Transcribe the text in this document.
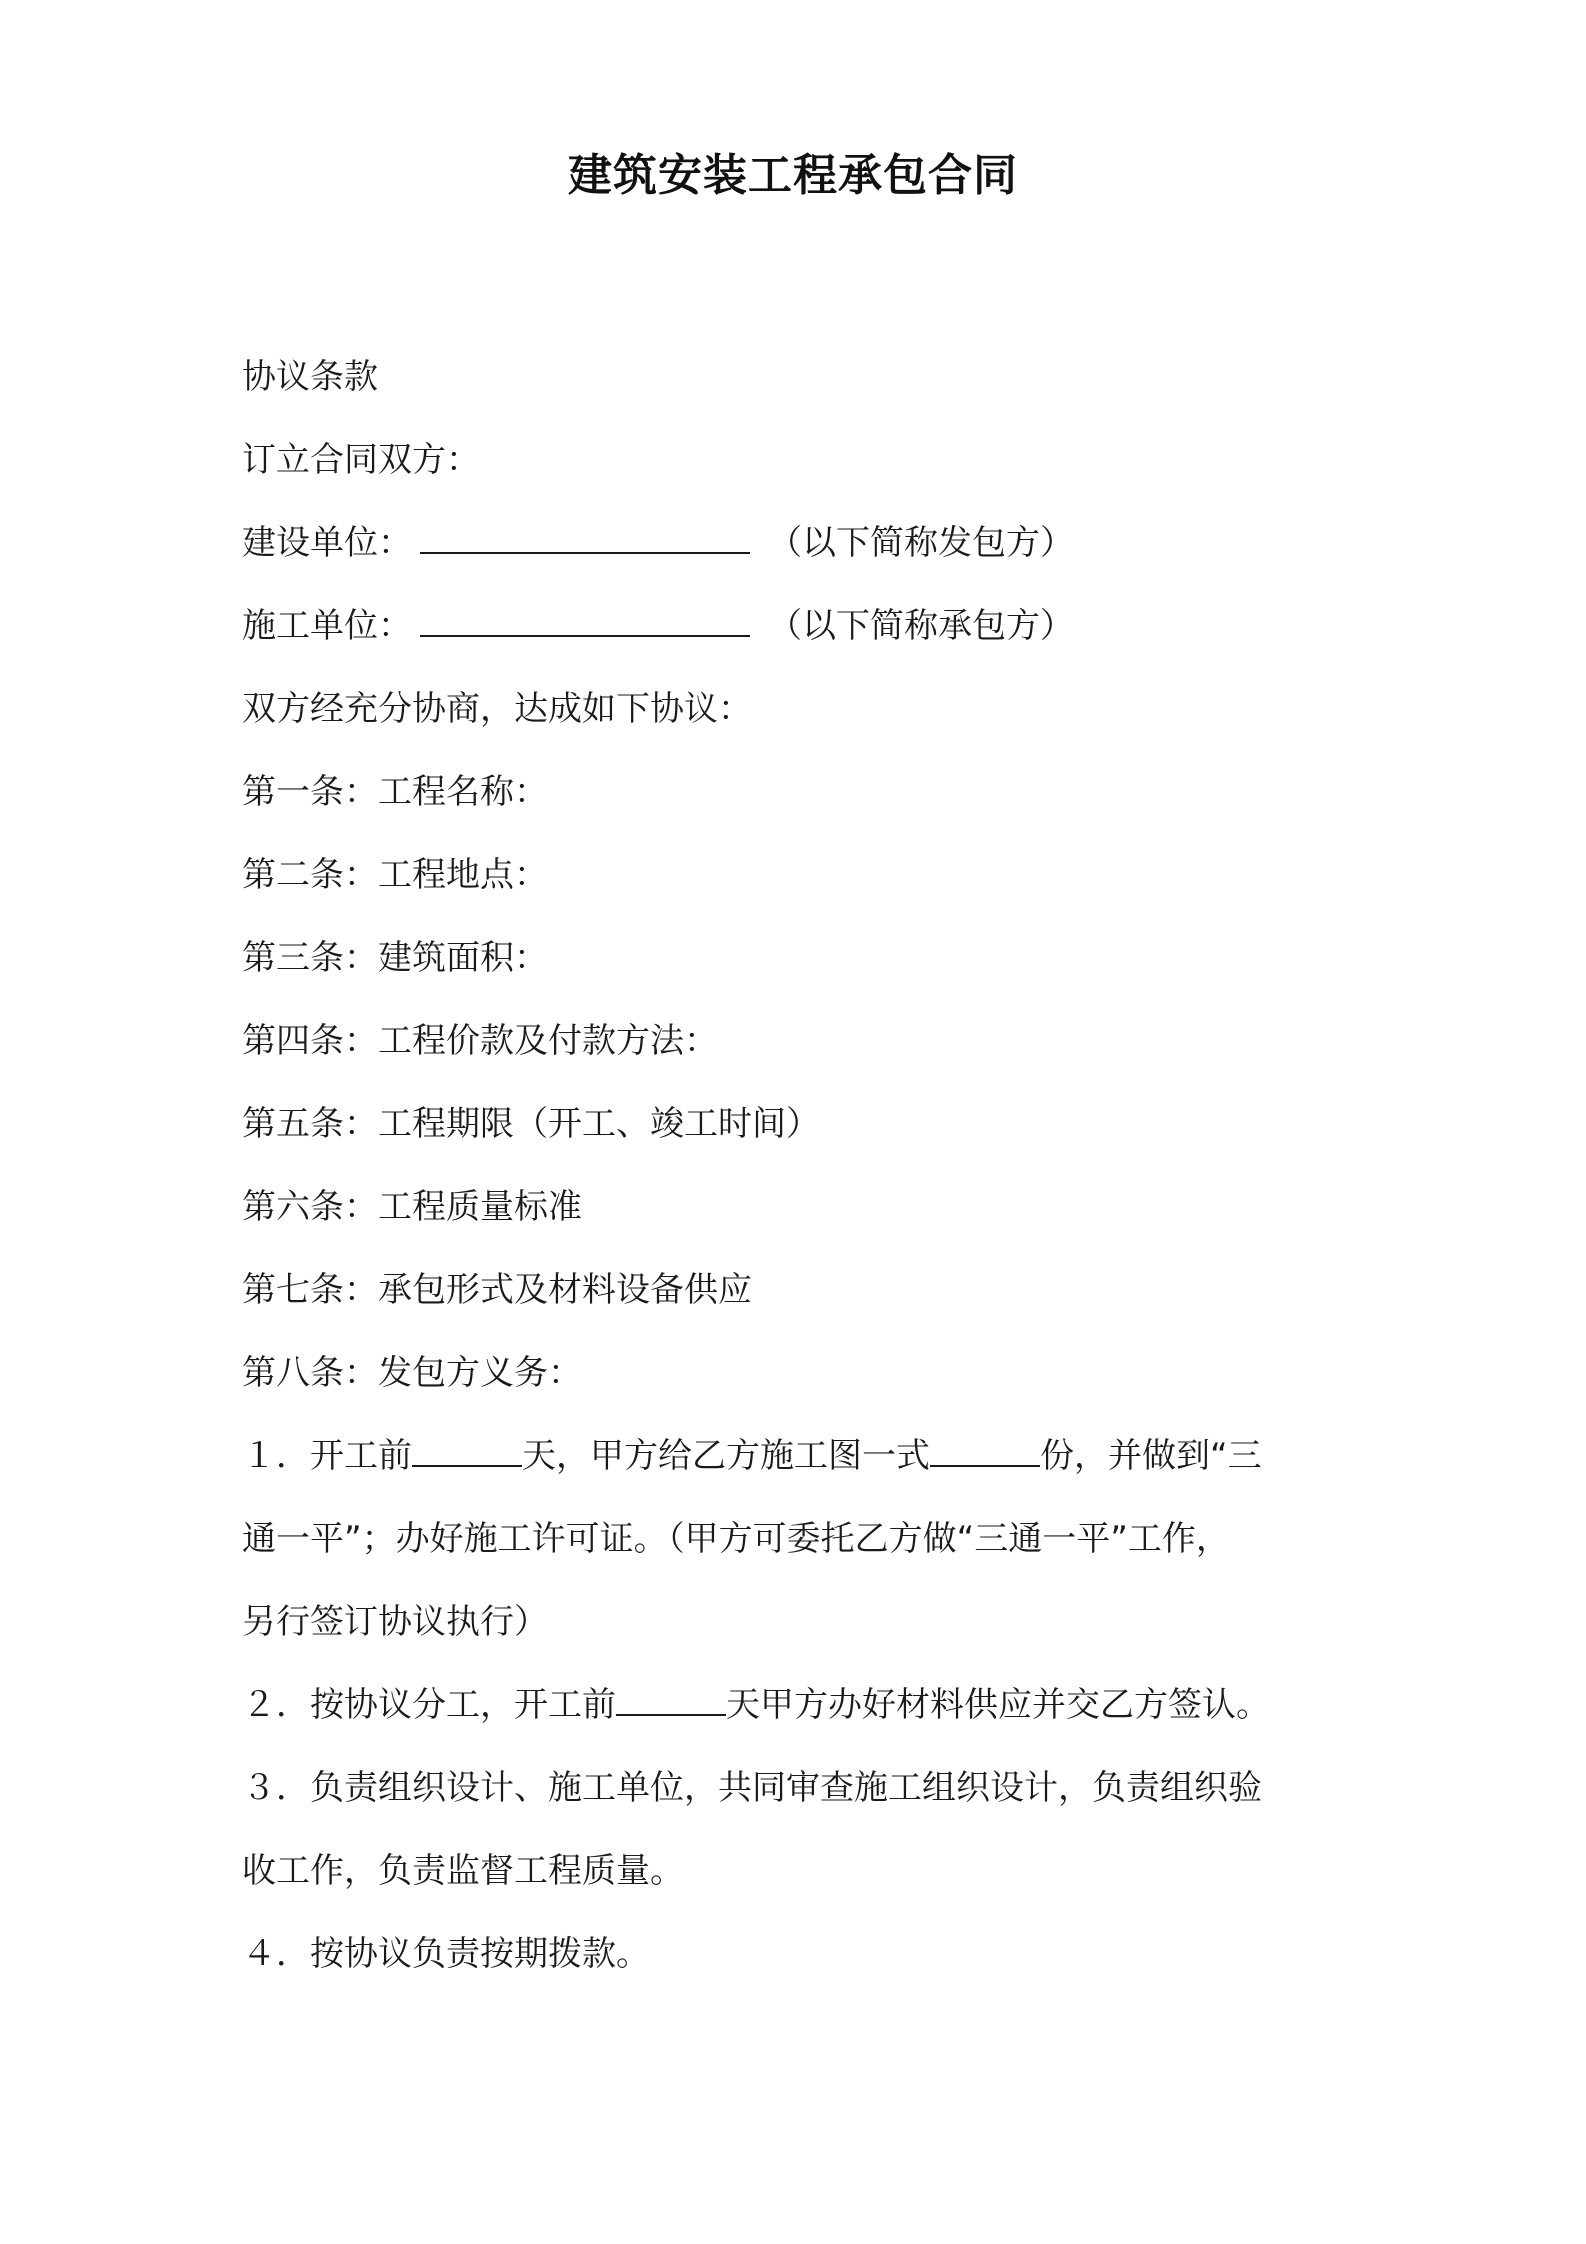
建筑安装工程承包合同

协议条款

订立合同双方：

建设单位：	（以下简称发包方）

施工单位：	（以下简称承包方）

双方经充分协商，达成如下协议：

第一条：工程名称：

第二条：工程地点：

第三条：建筑面积：

第四条：工程价款及付款方法：

第五条：工程期限（开工、竣工时间）

第六条：工程质量标准

第七条：承包形式及材料设备供应

第八条：发包方义务：

１．开工前	天，甲方给乙方施工图一式	份，并做到“三

通一平”；办好施工许可证。（甲方可委托乙方做“三通一平”工作，

另行签订协议执行）

２．按协议分工，开工前	天甲方办好材料供应并交乙方签认。

３．负责组织设计、施工单位，共同审查施工组织设计，负责组织验

收工作，负责监督工程质量。

４．按协议负责按期拨款。
